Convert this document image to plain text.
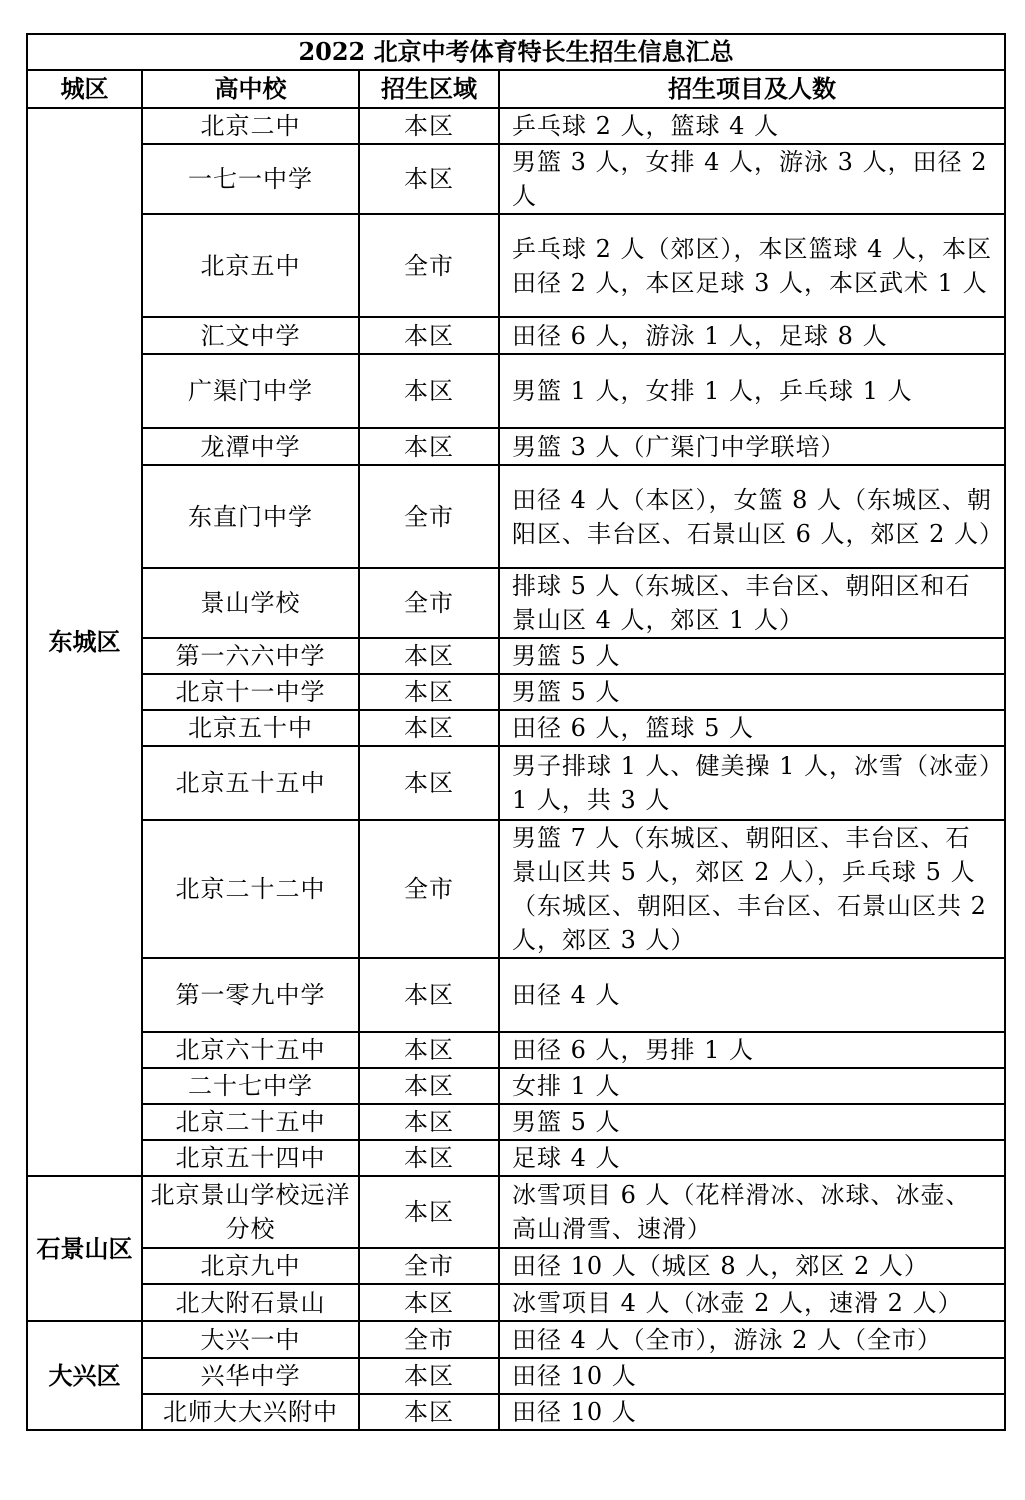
2022 北京中考体育特长生招生信息汇总			
城区	高中校	招生区域	招生项目及人数
东城区	北京二中	本区	乒乓球 2 人，篮球 4 人
	一七一中学	本区	男篮 3 人，女排 4 人，游泳 3 人，田径 2 人
	北京五中	全市	乒乓球 2 人（郊区），本区篮球 4 人，本区田径 2 人，本区足球 3 人，本区武术 1 人
	汇文中学	本区	田径 6 人，游泳 1 人，足球 8 人
	广渠门中学	本区	男篮 1 人，女排 1 人，乒乓球 1 人
	龙潭中学	本区	男篮 3 人（广渠门中学联培）
	东直门中学	全市	田径 4 人（本区），女篮 8 人（东城区、朝阳区、丰台区、石景山区 6 人，郊区 2 人）
	景山学校	全市	排球 5 人（东城区、丰台区、朝阳区和石景山区 4 人，郊区 1 人）
	第一六六中学	本区	男篮 5 人
	北京十一中学	本区	男篮 5 人
	北京五十中	本区	田径 6 人，篮球 5 人
	北京五十五中	本区	男子排球 1 人、健美操 1 人，冰雪（冰壶）1 人，共 3 人
	北京二十二中	全市	男篮 7 人（东城区、朝阳区、丰台区、石景山区共 5 人，郊区 2 人），乒乓球 5 人（东城区、朝阳区、丰台区、石景山区共 2 人，郊区 3 人）
	第一零九中学	本区	田径 4 人
	北京六十五中	本区	田径 6 人，男排 1 人
	二十七中学	本区	女排 1 人
	北京二十五中	本区	男篮 5 人
	北京五十四中	本区	足球 4 人
石景山区	北京景山学校远洋分校	本区	冰雪项目 6 人（花样滑冰、冰球、冰壶、高山滑雪、速滑）
	北京九中	全市	田径 10 人（城区 8 人，郊区 2 人）
	北大附石景山	本区	冰雪项目 4 人（冰壶 2 人，速滑 2 人）
大兴区	大兴一中	全市	田径 4 人（全市），游泳 2 人（全市）
	兴华中学	本区	田径 10 人
	北师大大兴附中	本区	田径 10 人
